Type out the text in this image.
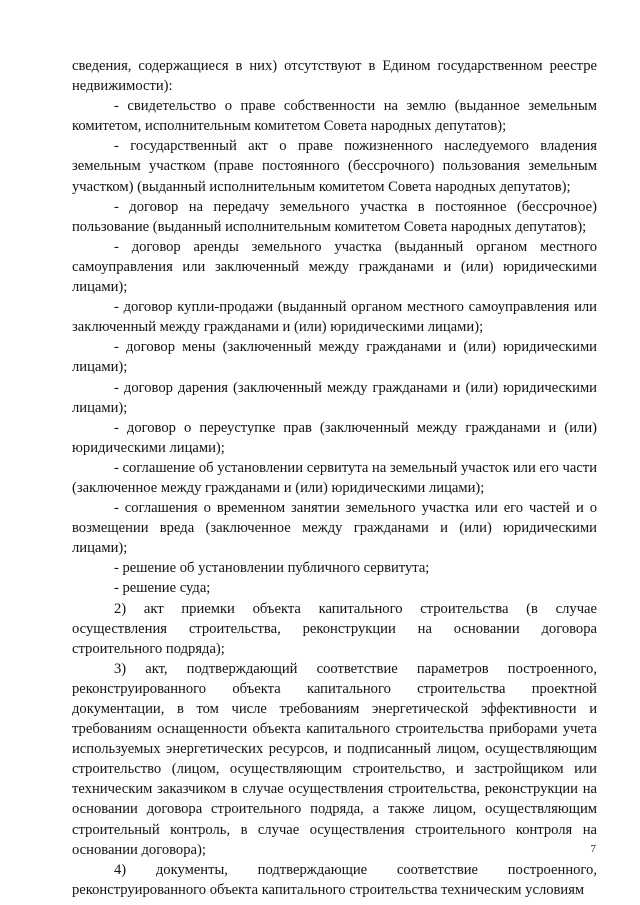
сведения, содержащиеся в них) отсутствуют в Едином государственном реестре недвижимости):

- свидетельство о праве собственности на землю (выданное земельным комитетом, исполнительным комитетом Совета народных депутатов);

- государственный акт о праве пожизненного наследуемого владения земельным участком (праве постоянного (бессрочного) пользования земельным участком) (выданный исполнительным комитетом Совета народных депутатов);

- договор на передачу земельного участка в постоянное (бессрочное) пользование (выданный исполнительным комитетом Совета народных депутатов);

- договор аренды земельного участка (выданный органом местного самоуправления или заключенный между гражданами и (или) юридическими лицами);

- договор купли-продажи (выданный органом местного самоуправления или заключенный между гражданами и (или) юридическими лицами);

- договор мены (заключенный между гражданами и (или) юридическими лицами);

- договор дарения (заключенный между гражданами и (или) юридическими лицами);

- договор о переуступке прав (заключенный между гражданами и (или) юридическими лицами);

- соглашение об установлении сервитута на земельный участок или его части (заключенное между гражданами и (или) юридическими лицами);

- соглашения о временном занятии земельного участка или его частей и о возмещении вреда (заключенное между гражданами и (или) юридическими лицами);

- решение об установлении публичного сервитута;

- решение суда;

2) акт приемки объекта капитального строительства (в случае осуществления строительства, реконструкции на основании договора строительного подряда);

3) акт, подтверждающий соответствие параметров построенного, реконструированного объекта капитального строительства проектной документации, в том числе требованиям энергетической эффективности и требованиям оснащенности объекта капитального строительства приборами учета используемых энергетических ресурсов, и подписанный лицом, осуществляющим строительство (лицом, осуществляющим строительство, и застройщиком или техническим заказчиком в случае осуществления строительства, реконструкции на основании договора строительного подряда, а также лицом, осуществляющим строительный контроль, в случае осуществления строительного контроля на основании договора);

4) документы, подтверждающие соответствие построенного, реконструированного объекта капитального строительства техническим условиям

7
